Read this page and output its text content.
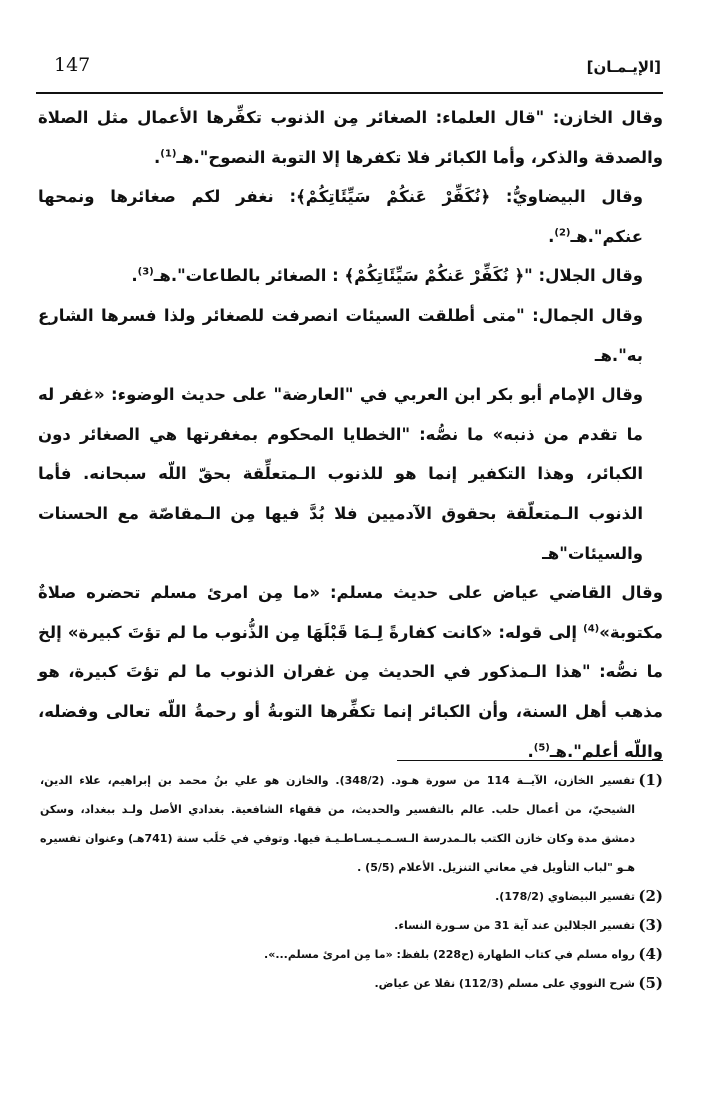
147	[الإيـمـان]

وقال الخازن: "قال العلماء: الصغائر مِن الذنوب تكفِّرها الأعمال مثل الصلاة والصدقة والذكر، وأما الكبائر فلا تكفرها إلا التوبة النصوح".هـ$^{(1)}$.

وقال البيضاويُّ: ﴿نُكَفِّرْ عَنكُمْ سَيِّئَاتِكُمْ﴾: نغفر لكم صغائرها ونمحها عنكم".هـ$^{(2)}$.

وقال الجلال: "﴿ نُكَفِّرْ عَنكُمْ سَيِّئَاتِكُمْ﴾ : الصغائر بالطاعات".هـ$^{(3)}$.

وقال الجمال: "متى أطلقت السيئات انصرفت للصغائر ولذا فسرها الشارع به".هـ

وقال الإمام أبو بكر ابن العربي في "العارضة" على حديث الوضوء: «غفر له ما تقدم من ذنبه» ما نصُّه: "الخطايا المحكوم بمغفرتها هي الصغائر دون الكبائر، وهذا التكفير إنما هو للذنوب الـمتعلِّقة بحقّ اللّه سبحانه. فأما الذنوب الـمتعلّقة بحقوق الآدميين فلا بُدَّ فيها مِن الـمقاصّة مع الحسنات والسيئات"هـ

وقال القاضي عياض على حديث مسلم: «ما مِن امرئ مسلم تحضره صلاةٌ مكتوبة»$^{(4)}$ إلى قوله: «كانت كفارةً لِـمَا قَبْلَهَا مِن الذُّنوب ما لم تؤتَ كبيرة» إلخ ما نصُّه: "هذا الـمذكور في الحديث مِن غفران الذنوب ما لم تؤتَ كبيرة، هو مذهب أهل السنة، وأن الكبائر إنما تكفِّرها التوبةُ أو رحمةُ اللّه تعالى وفضله، واللّه أعلم".هـ$^{(5)}$.

(1)

تفسير الخازن، الآيــة 114 من سورة هـود. (348/2). والخازن هو علي بنُ محمد بن إبراهيم، علاء الدين، الشيحيّ، من أعمال حلب. عالم بالتفسير والحديث، من فقهاء الشافعية. بغدادي الأصل ولـد ببغداد، وسكن دمشق مدة وكان خازن الكتب بالـمدرسة الـسـمـيـسـاطـيـة فيها. وتوفي في حَلَب سنة (741هـ) وعنوان تفسيره هـو "لباب التأويل في معاني التنزيل. الأعلام (5/5) .

(2)

تفسير البيضاوي (178/2).

(3)

تفسير الجلالين عند آية 31 من سـورة النساء.

(4)

رواه مسلم في كتاب الطهارة (ح228) بلفظ: «ما مِن امرئ مسلم...».

(5)

شرح النووي على مسلم (112/3) نقلا عن عياض.
